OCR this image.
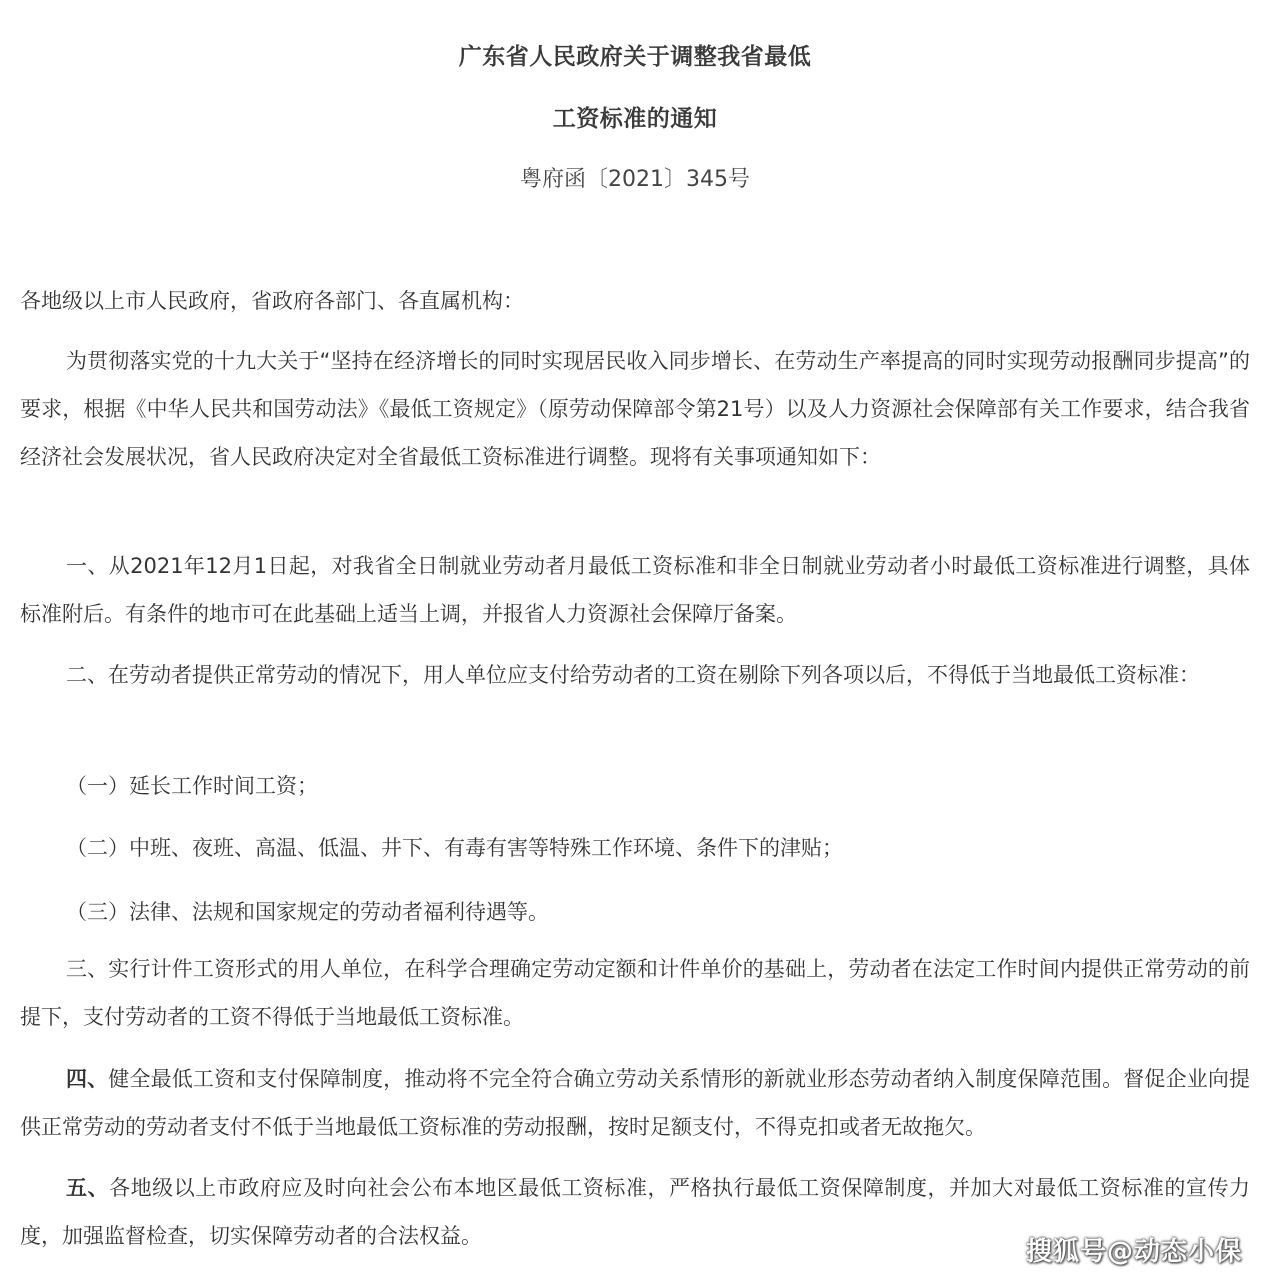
广东省人民政府关于调整我省最低
工资标准的通知
粤府函〔2021〕345号
各地级以上市人民政府，省政府各部门、各直属机构：
为贯彻落实党的十九大关于“坚持在经济增长的同时实现居民收入同步增长、在劳动生产率提高的同时实现劳动报酬同步提高”的要求，根据《中华人民共和国劳动法》《最低工资规定》（原劳动保障部令第21号）以及人力资源社会保障部有关工作要求，结合我省经济社会发展状况，省人民政府决定对全省最低工资标准进行调整。现将有关事项通知如下：
一、从2021年12月1日起，对我省全日制就业劳动者月最低工资标准和非全日制就业劳动者小时最低工资标准进行调整，具体标准附后。有条件的地市可在此基础上适当上调，并报省人力资源社会保障厅备案。
二、在劳动者提供正常劳动的情况下，用人单位应支付给劳动者的工资在剔除下列各项以后，不得低于当地最低工资标准：
（一）延长工作时间工资；
（二）中班、夜班、高温、低温、井下、有毒有害等特殊工作环境、条件下的津贴；
（三）法律、法规和国家规定的劳动者福利待遇等。
三、实行计件工资形式的用人单位，在科学合理确定劳动定额和计件单价的基础上，劳动者在法定工作时间内提供正常劳动的前提下，支付劳动者的工资不得低于当地最低工资标准。
四、健全最低工资和支付保障制度，推动将不完全符合确立劳动关系情形的新就业形态劳动者纳入制度保障范围。督促企业向提供正常劳动的劳动者支付不低于当地最低工资标准的劳动报酬，按时足额支付，不得克扣或者无故拖欠。
五、各地级以上市政府应及时向社会公布本地区最低工资标准，严格执行最低工资保障制度，并加大对最低工资标准的宣传力度，加强监督检查，切实保障劳动者的合法权益。
搜狐号@动态小保
